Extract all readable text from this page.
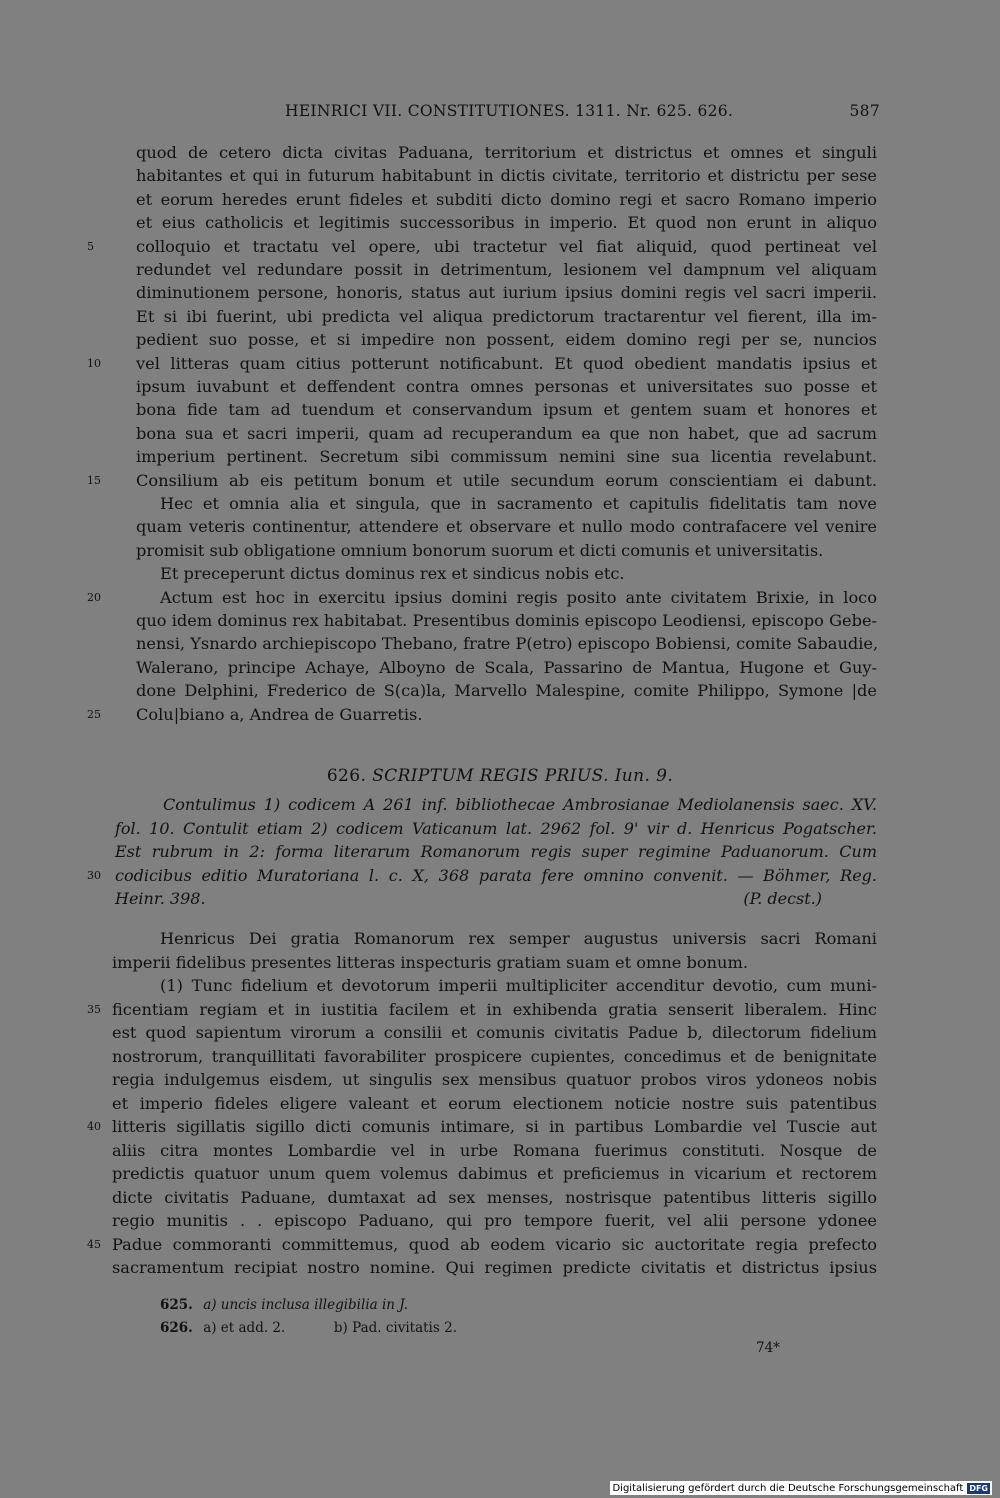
HEINRICI VII. CONSTITUTIONES. 1311. Nr. 625. 626.	587
quod de cetero dicta civitas Paduana, territorium et districtus et omnes et singuli
habitantes et qui in futurum habitabunt in dictis civitate, territorio et districtu per sese
et eorum heredes erunt fideles et subditi dicto domino regi et sacro Romano imperio
et eius catholicis et legitimis successoribus in imperio. Et quod non erunt in aliquo
colloquio et tractatu vel opere, ubi tractetur vel fiat aliquid, quod pertineat vel
5
redundet vel redundare possit in detrimentum, lesionem vel dampnum vel aliquam
diminutionem persone, honoris, status aut iurium ipsius domini regis vel sacri imperii.
Et si ibi fuerint, ubi predicta vel aliqua predictorum tractarentur vel fierent, illa im-
pedient suo posse, et si impedire non possent, eidem domino regi per se, nuncios
vel litteras quam citius potterunt notificabunt. Et quod obedient mandatis ipsius et
10
ipsum iuvabunt et deffendent contra omnes personas et universitates suo posse et
bona fide tam ad tuendum et conservandum ipsum et gentem suam et honores et
bona sua et sacri imperii, quam ad recuperandum ea que non habet, que ad sacrum
imperium pertinent. Secretum sibi commissum nemini sine sua licentia revelabunt.
Consilium ab eis petitum bonum et utile secundum eorum conscientiam ei dabunt.
15
Hec et omnia alia et singula, que in sacramento et capitulis fidelitatis tam nove
quam veteris continentur, attendere et observare et nullo modo contrafacere vel venire
promisit sub obligatione omnium bonorum suorum et dicti comunis et universitatis.
Et preceperunt dictus dominus rex et sindicus nobis etc.
Actum est hoc in exercitu ipsius domini regis posito ante civitatem Brixie, in loco
20
quo idem dominus rex habitabat. Presentibus dominis episcopo Leodiensi, episcopo Gebe-
nensi, Ysnardo archiepiscopo Thebano, fratre P(etro) episcopo Bobiensi, comite Sabaudie,
Walerano, principe Achaye, Alboyno de Scala, Passarino de Mantua, Hugone et Guy-
done Delphini, Frederico de S(ca)la, Marvello Malespine, comite Philippo, Symone |de
Colu|biano a, Andrea de Guarretis.
25
626. SCRIPTUM REGIS PRIUS. Iun. 9.
Contulimus 1) codicem A 261 inf. bibliothecae Ambrosianae Mediolanensis saec. XV.
fol. 10. Contulit etiam 2) codicem Vaticanum lat. 2962 fol. 9' vir d. Henricus Pogatscher.
Est rubrum in 2: forma literarum Romanorum regis super regimine Paduanorum. Cum
codicibus editio Muratoriana l. c. X, 368 parata fere omnino convenit. — Böhmer, Reg.
30
Heinr. 398.	(P. decst.)
Henricus Dei gratia Romanorum rex semper augustus universis sacri Romani
imperii fidelibus presentes litteras inspecturis gratiam suam et omne bonum.
(1) Tunc fidelium et devotorum imperii multipliciter accenditur devotio, cum muni-
ficentiam regiam et in iustitia facilem et in exhibenda gratia senserit liberalem. Hinc
35
est quod sapientum virorum a consilii et comunis civitatis Padue b, dilectorum fidelium
nostrorum, tranquillitati favorabiliter prospicere cupientes, concedimus et de benignitate
regia indulgemus eisdem, ut singulis sex mensibus quatuor probos viros ydoneos nobis
et imperio fideles eligere valeant et eorum electionem noticie nostre suis patentibus
litteris sigillatis sigillo dicti comunis intimare, si in partibus Lombardie vel Tuscie aut
40
aliis citra montes Lombardie vel in urbe Romana fuerimus constituti. Nosque de
predictis quatuor unum quem volemus dabimus et preficiemus in vicarium et rectorem
dicte civitatis Paduane, dumtaxat ad sex menses, nostrisque patentibus litteris sigillo
regio munitis . . episcopo Paduano, qui pro tempore fuerit, vel alii persone ydonee
Padue commoranti committemus, quod ab eodem vicario sic auctoritate regia prefecto
45
sacramentum recipiat nostro nomine. Qui regimen predicte civitatis et districtus ipsius
625. a) uncis inclusa illegibilia in J.
626. a) et add. 2.	b) Pad. civitatis 2.
74*
Digitalisierung gefördert durch die Deutsche Forschungsgemeinschaft DFG
